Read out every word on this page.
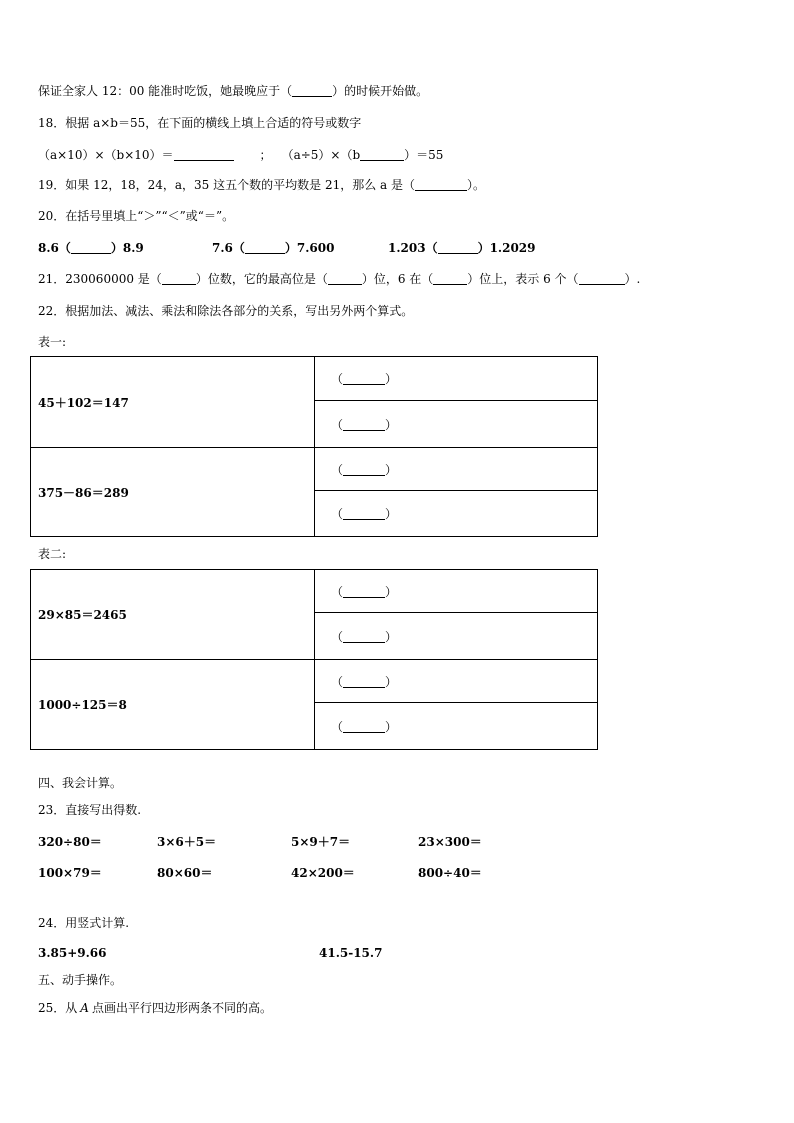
保证全家人 12：00 能准时吃饭，她最晚应于（	）的时候开始做。
18．根据 a×b＝55，在下面的横线上填上合适的符号或数字
（a×10）×（b×10）＝	； （a÷5）×（b	）＝55
19．如果 12，18，24，a，35 这五个数的平均数是 21，那么 a 是（	）。
20．在括号里填上“＞”“＜”或“＝”。
8.6（	）8.9	7.6（	）7.600	1.203（	）1.2029
21．230060000 是（	）位数，它的最高位是（	）位，6 在（	）位上，表示 6 个（	）.
22．根据加法、减法、乘法和除法各部分的关系，写出另外两个算式。
表一:
45＋102＝147	（ ）
	（ ）
375－86＝289	（ ）
	（ ）
表二:
29×85＝2465	（ ）
	（ ）
1000÷125＝8	（ ）
	（ ）
四、我会计算。
23．直接写出得数.
320÷80＝	3×6＋5＝	5×9＋7＝	23×300＝
100×79＝	80×60＝	42×200＝	800÷40＝
24．用竖式计算.
3.85+9.66	41.5-15.7
五、动手操作。
25．从 A 点画出平行四边形两条不同的高。
